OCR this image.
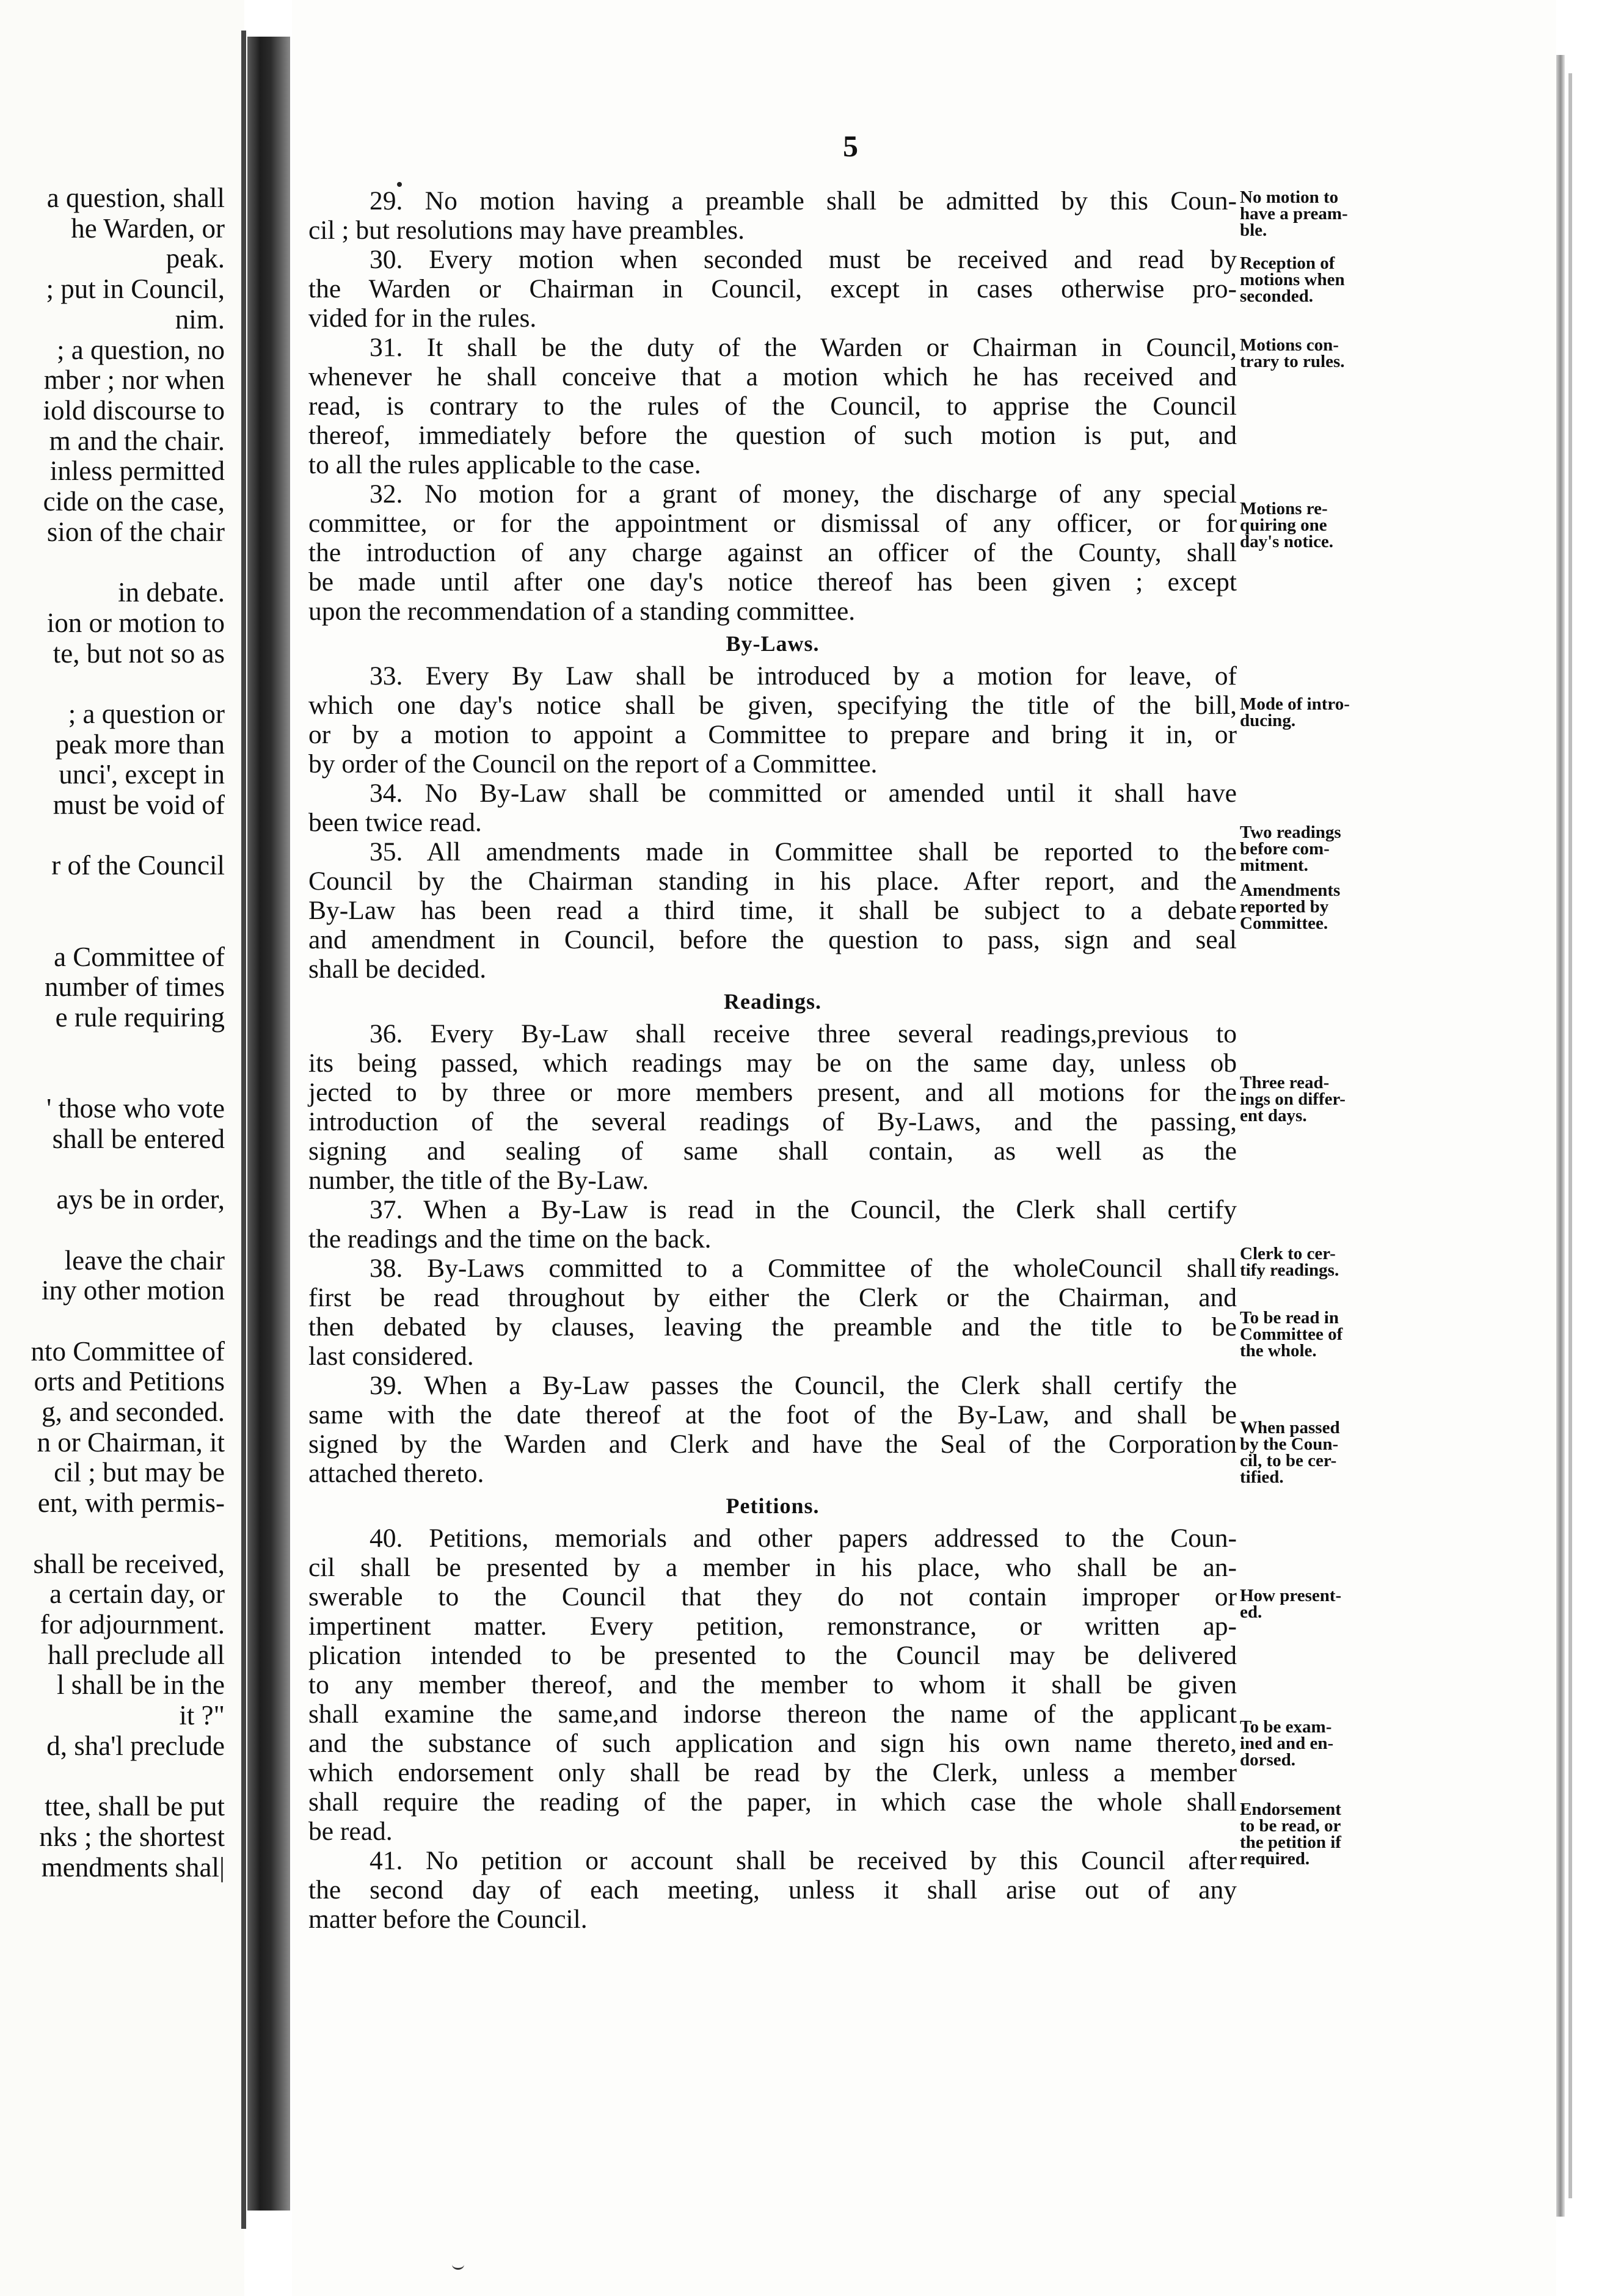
a question, shall
he Warden, or
peak.
; put in Council,
nim.
; a question, no
mber ; nor when
iold discourse to
m and the chair.
inless permitted
cide on the case,
sion of the chair
in debate.
ion or motion to
te, but not so as
; a question or
peak more than
unci', except in
must be void of
r of the Council
a Committee of
number of times
e rule requiring
' those who vote
shall be entered
ays be in order,
leave the chair
iny other motion
nto Committee of
orts and Petitions
g, and seconded.
n or Chairman, it
cil ; but may be
ent, with permis-
shall be received,
a certain day, or
for adjournment.
hall preclude all
l shall be in the
it ?"
d, sha'l preclude
ttee, shall be put
nks ; the shortest
mendments shal|
5
29. No motion having a preamble shall be admitted by this Coun-
cil ; but resolutions may have preambles.
30. Every motion when seconded must be received and read by
the Warden or Chairman in Council, except in cases otherwise pro-
vided for in the rules.
31. It shall be the duty of the Warden or Chairman in Council,
whenever he shall conceive that a motion which he has received and
read, is contrary to the rules of the Council, to apprise the Council
thereof, immediately before the question of such motion is put, and
to all the rules applicable to the case.
32. No motion for a grant of money, the discharge of any special
committee, or for the appointment or dismissal of any officer, or for
the introduction of any charge against an officer of the County, shall
be made until after one day's notice thereof has been given ; except
upon the recommendation of a standing committee.
By-Laws.
33. Every By Law shall be introduced by a motion for leave, of
which one day's notice shall be given, specifying the title of the bill,
or by a motion to appoint a Committee to prepare and bring it in, or
by order of the Council on the report of a Committee.
34. No By-Law shall be committed or amended until it shall have
been twice read.
35. All amendments made in Committee shall be reported to the
Council by the Chairman standing in his place. After report, and the
By-Law has been read a third time, it shall be subject to a debate
and amendment in Council, before the question to pass, sign and seal
shall be decided.
Readings.
36. Every By-Law shall receive three several readings,previous to
its being passed, which readings may be on the same day, unless ob
jected to by three or more members present, and all motions for the
introduction of the several readings of By-Laws, and the passing,
signing and sealing of same shall contain, as well as the
number, the title of the By-Law.
37. When a By-Law is read in the Council, the Clerk shall certify
the readings and the time on the back.
38. By-Laws committed to a Committee of the wholeCouncil shall
first be read throughout by either the Clerk or the Chairman, and
then debated by clauses, leaving the preamble and the title to be
last considered.
39. When a By-Law passes the Council, the Clerk shall certify the
same with the date thereof at the foot of the By-Law, and shall be
signed by the Warden and Clerk and have the Seal of the Corporation
attached thereto.
Petitions.
40. Petitions, memorials and other papers addressed to the Coun-
cil shall be presented by a member in his place, who shall be an-
swerable to the Council that they do not contain improper or
impertinent matter. Every petition, remonstrance, or written ap-
plication intended to be presented to the Council may be delivered
to any member thereof, and the member to whom it shall be given
shall examine the same,and indorse thereon the name of the applicant
and the substance of such application and sign his own name thereto,
which endorsement only shall be read by the Clerk, unless a member
shall require the reading of the paper, in which case the whole shall
be read.
41. No petition or account shall be received by this Council after
the second day of each meeting, unless it shall arise out of any
matter before the Council.
No motion to
have a pream-
ble.
Reception of
motions when
seconded.
Motions con-
trary to rules.
Motions re-
quiring one
day's notice.
Mode of intro-
ducing.
Two readings
before com-
mitment.
Amendments
reported by
Committee.
Three read-
ings on differ-
ent days.
Clerk to cer-
tify readings.
To be read in
Committee of
the whole.
When passed
by the Coun-
cil, to be cer-
tified.
How present-
ed.
To be exam-
ined and en-
dorsed.
Endorsement
to be read, or
the petition if
required.
